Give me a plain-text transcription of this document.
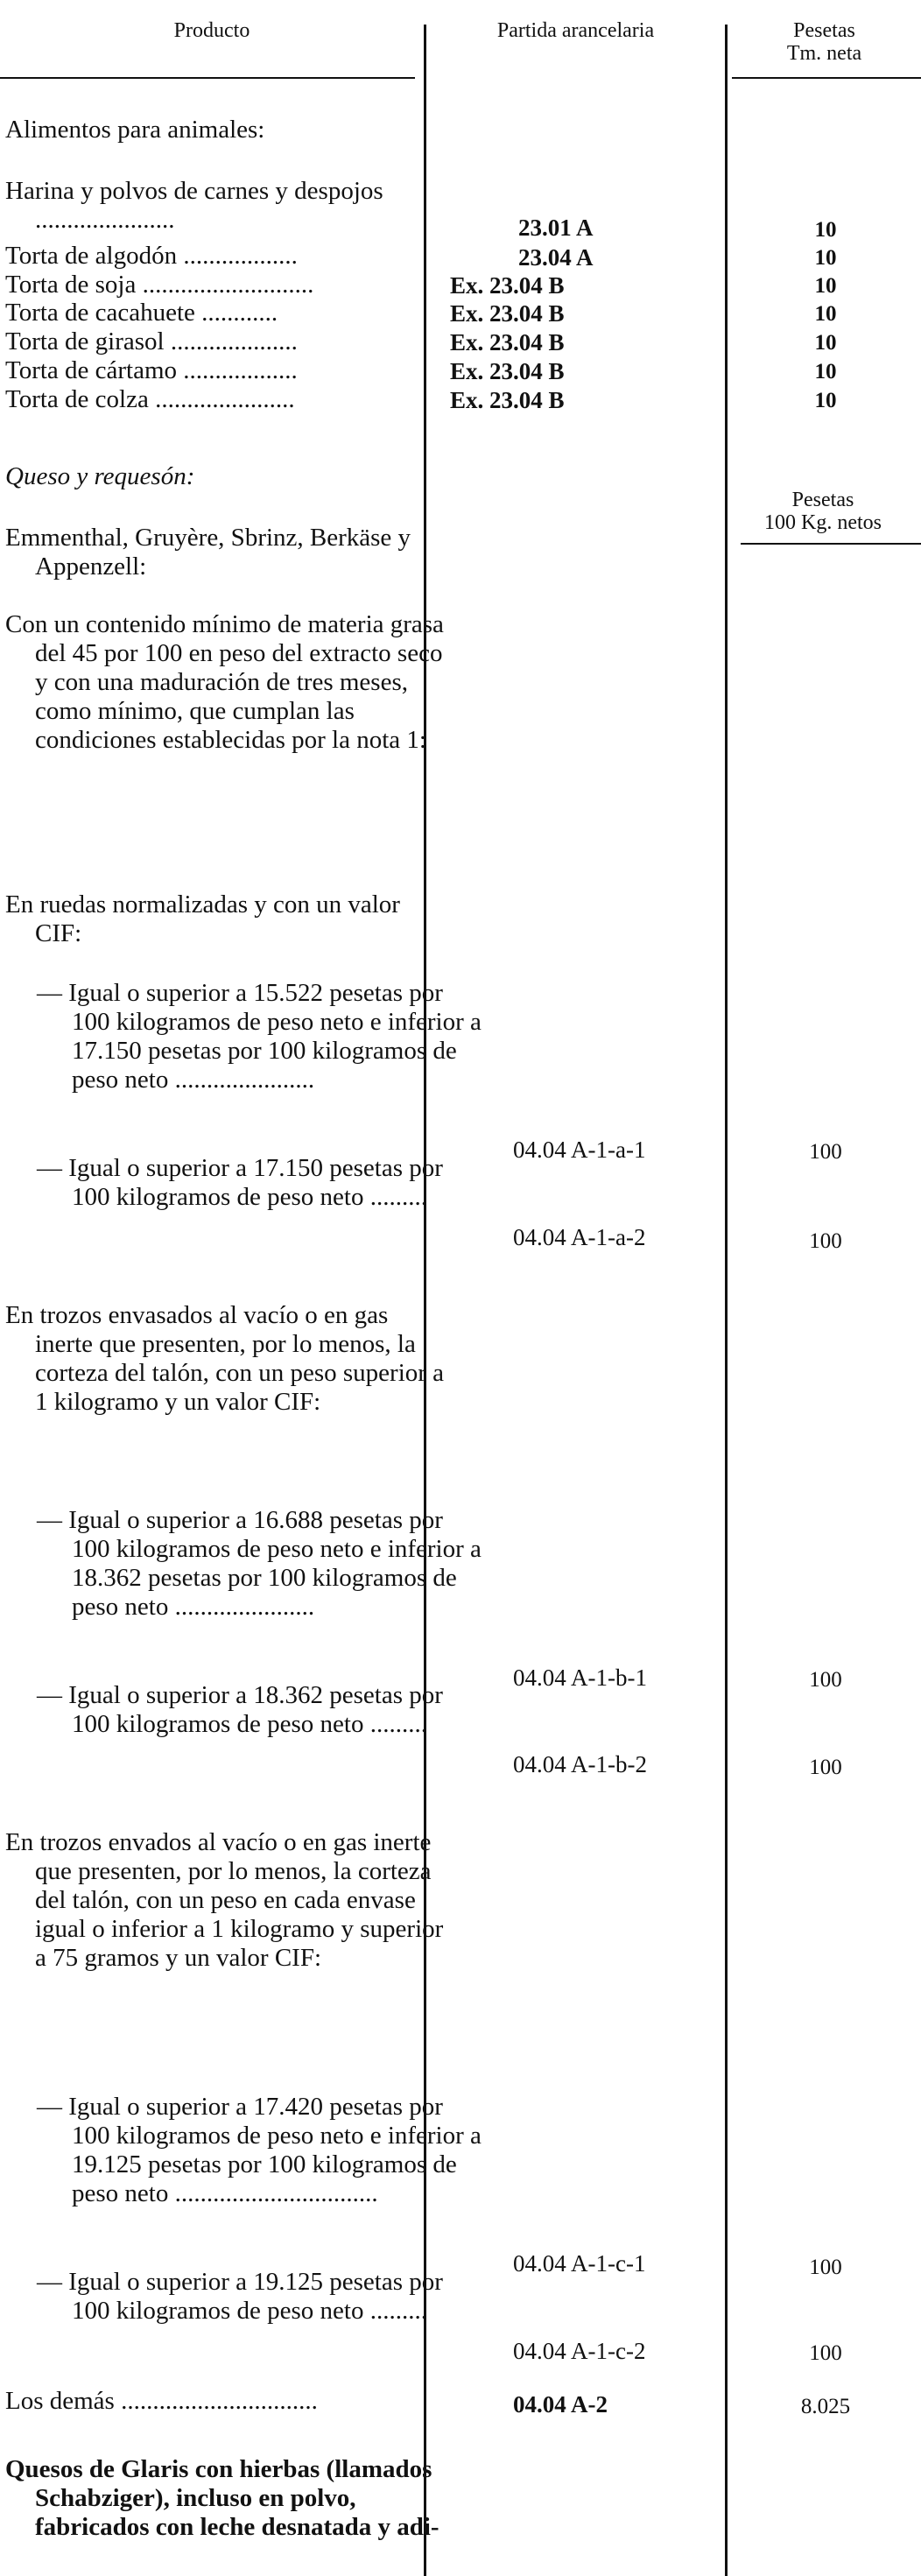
Producto	Partida arancelaria	Pesetas
Tm. neta
Alimentos para animales:
Harina y polvos de carnes y despojos ......................	23.01 A	10
Torta de algodón ..................	23.04 A	10
Torta de soja ...........................	Ex. 23.04 B	10
Torta de cacahuete ............	Ex. 23.04 B	10
Torta de girasol ....................	Ex. 23.04 B	10
Torta de cártamo ..................	Ex. 23.04 B	10
Torta de colza ......................	Ex. 23.04 B	10
Queso y requesón:
Pesetas
100 Kg. netos
Emmenthal, Gruyère, Sbrinz, Berkäse y Appenzell:
Con un contenido mínimo de materia grasa del 45 por 100 en peso del extracto seco y con una maduración de tres meses, como mínimo, que cumplan las condiciones establecidas por la nota 1:
En ruedas normalizadas y con un valor CIF:
— Igual o superior a 15.522 pesetas por 100 kilogramos de peso neto e inferior a 17.150 pesetas por 100 kilogramos de peso neto ......................
04.04 A-1-a-1	100
— Igual o superior a 17.150 pesetas por 100 kilogramos de peso neto .........
04.04 A-1-a-2	100
En trozos envasados al vacío o en gas inerte que presenten, por lo menos, la corteza del talón, con un peso superior a 1 kilogramo y un valor CIF:
— Igual o superior a 16.688 pesetas por 100 kilogramos de peso neto e inferior a 18.362 pesetas por 100 kilogramos de peso neto ......................
04.04 A-1-b-1	100
— Igual o superior a 18.362 pesetas por 100 kilogramos de peso neto .........
04.04 A-1-b-2	100
En trozos envados al vacío o en gas inerte que presenten, por lo menos, la corteza del talón, con un peso en cada envase igual o inferior a 1 kilogramo y superior a 75 gramos y un valor CIF:
— Igual o superior a 17.420 pesetas por 100 kilogramos de peso neto e inferior a 19.125 pesetas por 100 kilogramos de peso neto ................................
04.04 A-1-c-1	100
— Igual o superior a 19.125 pesetas por 100 kilogramos de peso neto .........
04.04 A-1-c-2	100
Los demás ...............................	04.04 A-2	8.025
Quesos de Glaris con hierbas (llamados Schabziger), incluso en polvo, fabricados con leche desnatada y adi-
